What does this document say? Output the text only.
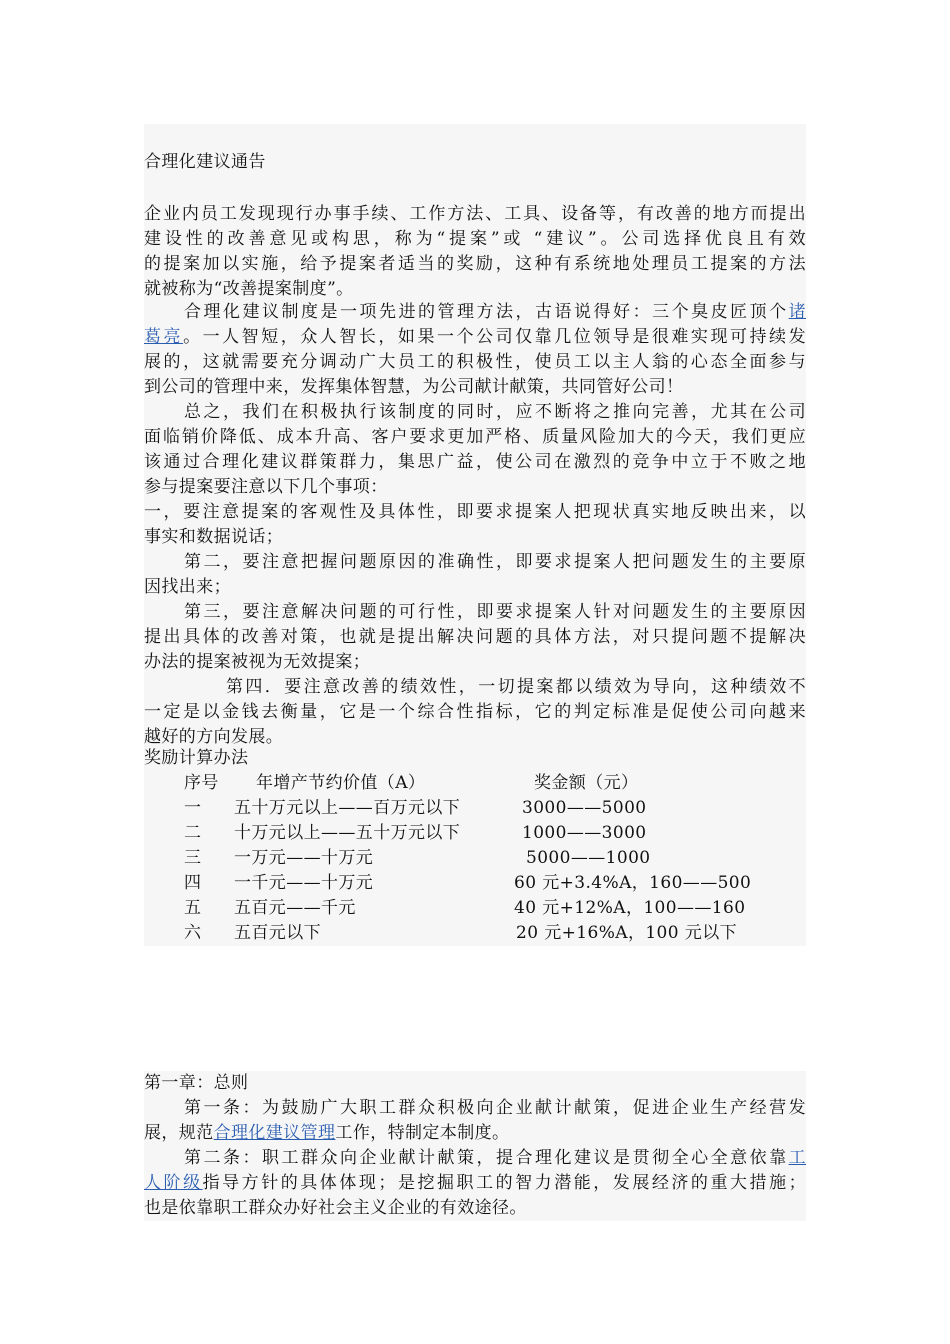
合理化建议通告
企业内员工发现现行办事手续、工作方法、工具、设备等，有改善的地方而提出
建设性的改善意见或构思，称为“提案”或 “建议”。公司选择优良且有效
的提案加以实施，给予提案者适当的奖励，这种有系统地处理员工提案的方法
就被称为“改善提案制度”。
合理化建议制度是一项先进的管理方法，古语说得好：三个臭皮匠顶个诸
葛亮。一人智短，众人智长，如果一个公司仅靠几位领导是很难实现可持续发
展的，这就需要充分调动广大员工的积极性，使员工以主人翁的心态全面参与
到公司的管理中来，发挥集体智慧，为公司献计献策，共同管好公司！
总之，我们在积极执行该制度的同时，应不断将之推向完善，尤其在公司
面临销价降低、成本升高、客户要求更加严格、质量风险加大的今天，我们更应
该通过合理化建议群策群力，集思广益，使公司在激烈的竞争中立于不败之地
参与提案要注意以下几个事项：
一，要注意提案的客观性及具体性，即要求提案人把现状真实地反映出来，以
事实和数据说话；
第二，要注意把握问题原因的准确性，即要求提案人把问题发生的主要原
因找出来；
第三，要注意解决问题的可行性，即要求提案人针对问题发生的主要原因
提出具体的改善对策，也就是提出解决问题的具体方法，对只提问题不提解决
办法的提案被视为无效提案；
第四．要注意改善的绩效性，一切提案都以绩效为导向，这种绩效不
一定是以金钱去衡量，它是一个综合性指标，它的判定标准是促使公司向越来
越好的方向发展。
奖励计算办法
序号 年增产节约价值（A）	奖金额（元）
一 五十万元以上——百万元以下	3000——5000
二 十万元以上——五十万元以下	1000——3000
三 一万元——十万元	5000——1000
四 一千元——十万元	60 元+3.4%A，160——500
五 五百元——千元	40 元+12%A，100——160
六 五百元以下	20 元+16%A，100 元以下
第一章：总则
第一条：为鼓励广大职工群众积极向企业献计献策，促进企业生产经营发
展，规范合理化建议管理工作，特制定本制度。
第二条：职工群众向企业献计献策，提合理化建议是贯彻全心全意依靠工
人阶级指导方针的具体体现；是挖掘职工的智力潜能，发展经济的重大措施；
也是依靠职工群众办好社会主义企业的有效途径。
